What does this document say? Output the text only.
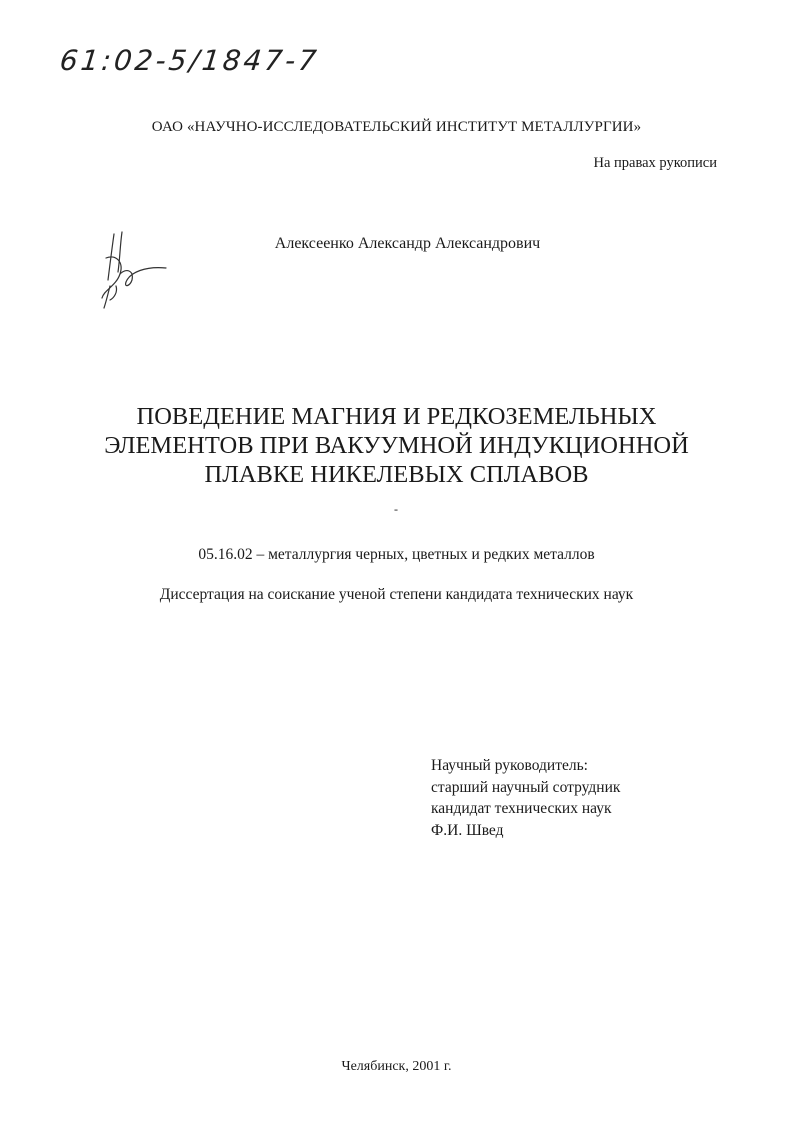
61:02-5/1847-7
ОАО «НАУЧНО-ИССЛЕДОВАТЕЛЬСКИЙ ИНСТИТУТ МЕТАЛЛУРГИИ»
На правах рукописи
Алексеенко Александр Александрович
ПОВЕДЕНИЕ МАГНИЯ И РЕДКОЗЕМЕЛЬНЫХ
ЭЛЕМЕНТОВ ПРИ ВАКУУМНОЙ ИНДУКЦИОННОЙ
ПЛАВКЕ НИКЕЛЕВЫХ СПЛАВОВ
-
05.16.02 – металлургия черных, цветных и редких металлов
Диссертация на соискание ученой степени кандидата технических наук
Научный руководитель:
старший научный сотрудник
кандидат технических наук
Ф.И. Швед
Челябинск, 2001 г.
